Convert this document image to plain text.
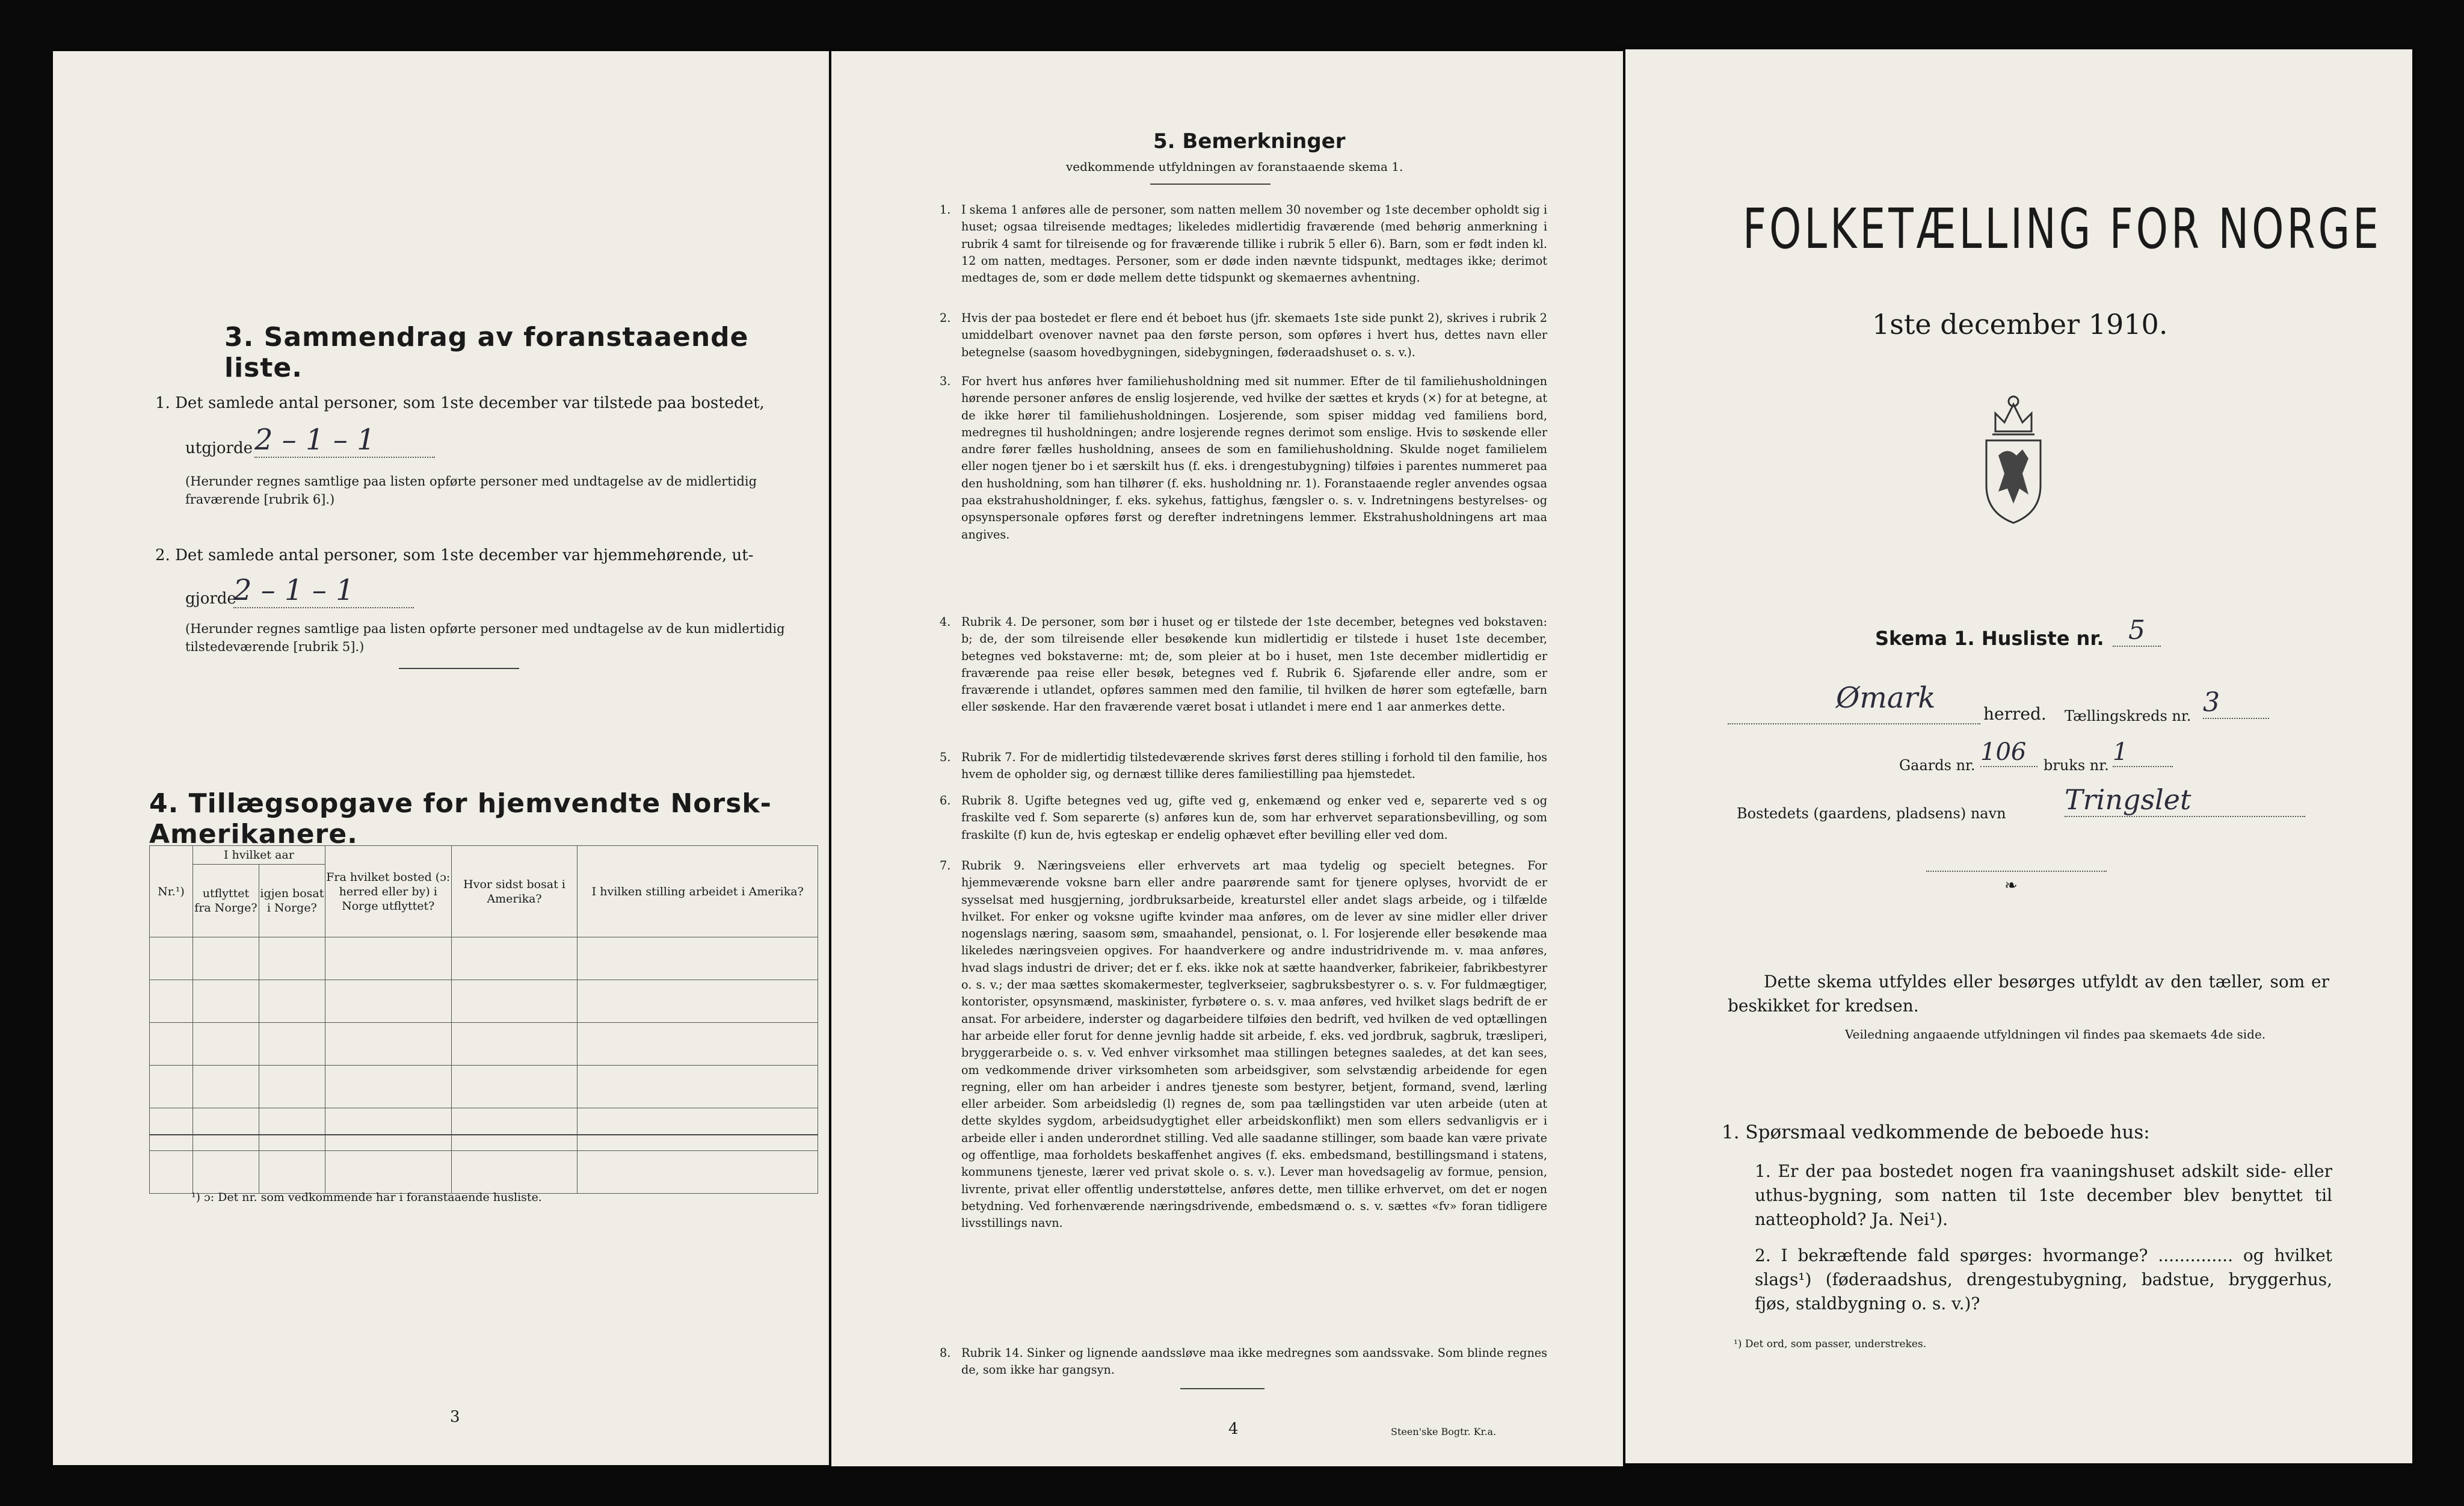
3. Sammendrag av foranstaaende liste.
1. Det samlede antal personer, som 1ste december var tilstede paa bostedet,
utgjorde 2 – 1 – 1
(Herunder regnes samtlige paa listen opførte personer med undtagelse av de midlertidig fraværende [rubrik 6].)
2. Det samlede antal personer, som 1ste december var hjemmehørende, ut-
gjorde
2 – 1 – 1
(Herunder regnes samtlige paa listen opførte personer med undtagelse av de kun midlertidig tilstedeværende [rubrik 5].)
4. Tillægsopgave for hjemvendte Norsk-Amerikanere.
Nr.¹)	I hvilket aar		Fra hvilket bosted (ɔ: herred eller by) i Norge utflyttet?	Hvor sidst bosat i Amerika?	I hvilken stilling arbeidet i Amerika?
	utflyttet fra Norge?	igjen bosat i Norge?			

¹) ɔ: Det nr. som vedkommende har i foranstaaende husliste.
3
5. Bemerkninger
vedkommende utfyldningen av foranstaaende skema 1.
1. I skema 1 anføres alle de personer, som natten mellem 30 november og 1ste december opholdt sig i huset; ogsaa tilreisende medtages; likeledes midlertidig fraværende (med behørig anmerkning i rubrik 4 samt for tilreisende og for fraværende tillike i rubrik 5 eller 6). Barn, som er født inden kl. 12 om natten, medtages. Personer, som er døde inden nævnte tidspunkt, medtages ikke; derimot medtages de, som er døde mellem dette tidspunkt og skemaernes avhentning.
2. Hvis der paa bostedet er flere end ét beboet hus (jfr. skemaets 1ste side punkt 2), skrives i rubrik 2 umiddelbart ovenover navnet paa den første person, som opføres i hvert hus, dettes navn eller betegnelse (saasom hovedbygningen, sidebygningen, føderaadshuset o. s. v.).
3. For hvert hus anføres hver familiehusholdning med sit nummer. Efter de til familiehusholdningen hørende personer anføres de enslig losjerende, ved hvilke der sættes et kryds (×) for at betegne, at de ikke hører til familiehusholdningen. Losjerende, som spiser middag ved familiens bord, medregnes til husholdningen; andre losjerende regnes derimot som enslige. Hvis to søskende eller andre fører fælles husholdning, ansees de som en familiehusholdning. Skulde noget familielem eller nogen tjener bo i et særskilt hus (f. eks. i drengestubygning) tilføies i parentes nummeret paa den husholdning, som han tilhører (f. eks. husholdning nr. 1). Foranstaaende regler anvendes ogsaa paa ekstrahusholdninger, f. eks. sykehus, fattighus, fængsler o. s. v. Indretningens bestyrelses- og opsynspersonale opføres først og derefter indretningens lemmer. Ekstrahusholdningens art maa angives.
4. Rubrik 4. De personer, som bør i huset og er tilstede der 1ste december, betegnes ved bokstaven: b; de, der som tilreisende eller besøkende kun midlertidig er tilstede i huset 1ste december, betegnes ved bokstaverne: mt; de, som pleier at bo i huset, men 1ste december midlertidig er fraværende paa reise eller besøk, betegnes ved f. Rubrik 6. Sjøfarende eller andre, som er fraværende i utlandet, opføres sammen med den familie, til hvilken de hører som egtefælle, barn eller søskende. Har den fraværende været bosat i utlandet i mere end 1 aar anmerkes dette.
5. Rubrik 7. For de midlertidig tilstedeværende skrives først deres stilling i forhold til den familie, hos hvem de opholder sig, og dernæst tillike deres familiestilling paa hjemstedet.
6. Rubrik 8. Ugifte betegnes ved ug, gifte ved g, enkemænd og enker ved e, separerte ved s og fraskilte ved f. Som separerte (s) anføres kun de, som har erhvervet separationsbevilling, og som fraskilte (f) kun de, hvis egteskap er endelig ophævet efter bevilling eller ved dom.
7. Rubrik 9. Næringsveiens eller erhvervets art maa tydelig og specielt betegnes. For hjemmeværende voksne barn eller andre paarørende samt for tjenere oplyses, hvorvidt de er sysselsat med husgjerning, jordbruksarbeide, kreaturstel eller andet slags arbeide, og i tilfælde hvilket. For enker og voksne ugifte kvinder maa anføres, om de lever av sine midler eller driver nogenslags næring, saasom søm, smaahandel, pensionat, o. l. For losjerende eller besøkende maa likeledes næringsveien opgives. For haandverkere og andre industridrivende m. v. maa anføres, hvad slags industri de driver; det er f. eks. ikke nok at sætte haandverker, fabrikeier, fabrikbestyrer o. s. v.; der maa sættes skomakermester, teglverkseier, sagbruksbestyrer o. s. v. For fuldmægtiger, kontorister, opsynsmænd, maskinister, fyrbøtere o. s. v. maa anføres, ved hvilket slags bedrift de er ansat. For arbeidere, inderster og dagarbeidere tilføies den bedrift, ved hvilken de ved optællingen har arbeide eller forut for denne jevnlig hadde sit arbeide, f. eks. ved jordbruk, sagbruk, træsliperi, bryggerarbeide o. s. v. Ved enhver virksomhet maa stillingen betegnes saaledes, at det kan sees, om vedkommende driver virksomheten som arbeidsgiver, som selvstændig arbeidende for egen regning, eller om han arbeider i andres tjeneste som bestyrer, betjent, formand, svend, lærling eller arbeider. Som arbeidsledig (l) regnes de, som paa tællingstiden var uten arbeide (uten at dette skyldes sygdom, arbeidsudygtighet eller arbeidskonflikt) men som ellers sedvanligvis er i arbeide eller i anden underordnet stilling. Ved alle saadanne stillinger, som baade kan være private og offentlige, maa forholdets beskaffenhet angives (f. eks. embedsmand, bestillingsmand i statens, kommunens tjeneste, lærer ved privat skole o. s. v.). Lever man hovedsagelig av formue, pension, livrente, privat eller offentlig understøttelse, anføres dette, men tillike erhvervet, om det er nogen betydning. Ved forhenværende næringsdrivende, embedsmænd o. s. v. sættes «fv» foran tidligere livsstillings navn.
8. Rubrik 14. Sinker og lignende aandssløve maa ikke medregnes som aandssvake. Som blinde regnes de, som ikke har gangsyn.
4	Steen'ske Bogtr. Kr.a.
FOLKETÆLLING FOR NORGE
1ste december 1910.
Skema 1. Husliste nr. 5
Ømark	herred. Tællingskreds nr. 3
Gaards nr. 106	bruks nr. 1
Bostedets (gaardens, pladsens) navn Tringslet
❧
Dette skema utfyldes eller besørges utfyldt av den tæller, som er beskikket for kredsen.
Veiledning angaaende utfyldningen vil findes paa skemaets 4de side.
1. Spørsmaal vedkommende de beboede hus:
1. Er der paa bostedet nogen fra vaaningshuset adskilt side- eller uthus-bygning, som natten til 1ste december blev benyttet til natteophold? Ja. Nei¹).
2. I bekræftende fald spørges: hvormange? .............. og hvilket slags¹) (føderaadshus, drengestubygning, badstue, bryggerhus, fjøs, staldbygning o. s. v.)?
¹) Det ord, som passer, understrekes.
